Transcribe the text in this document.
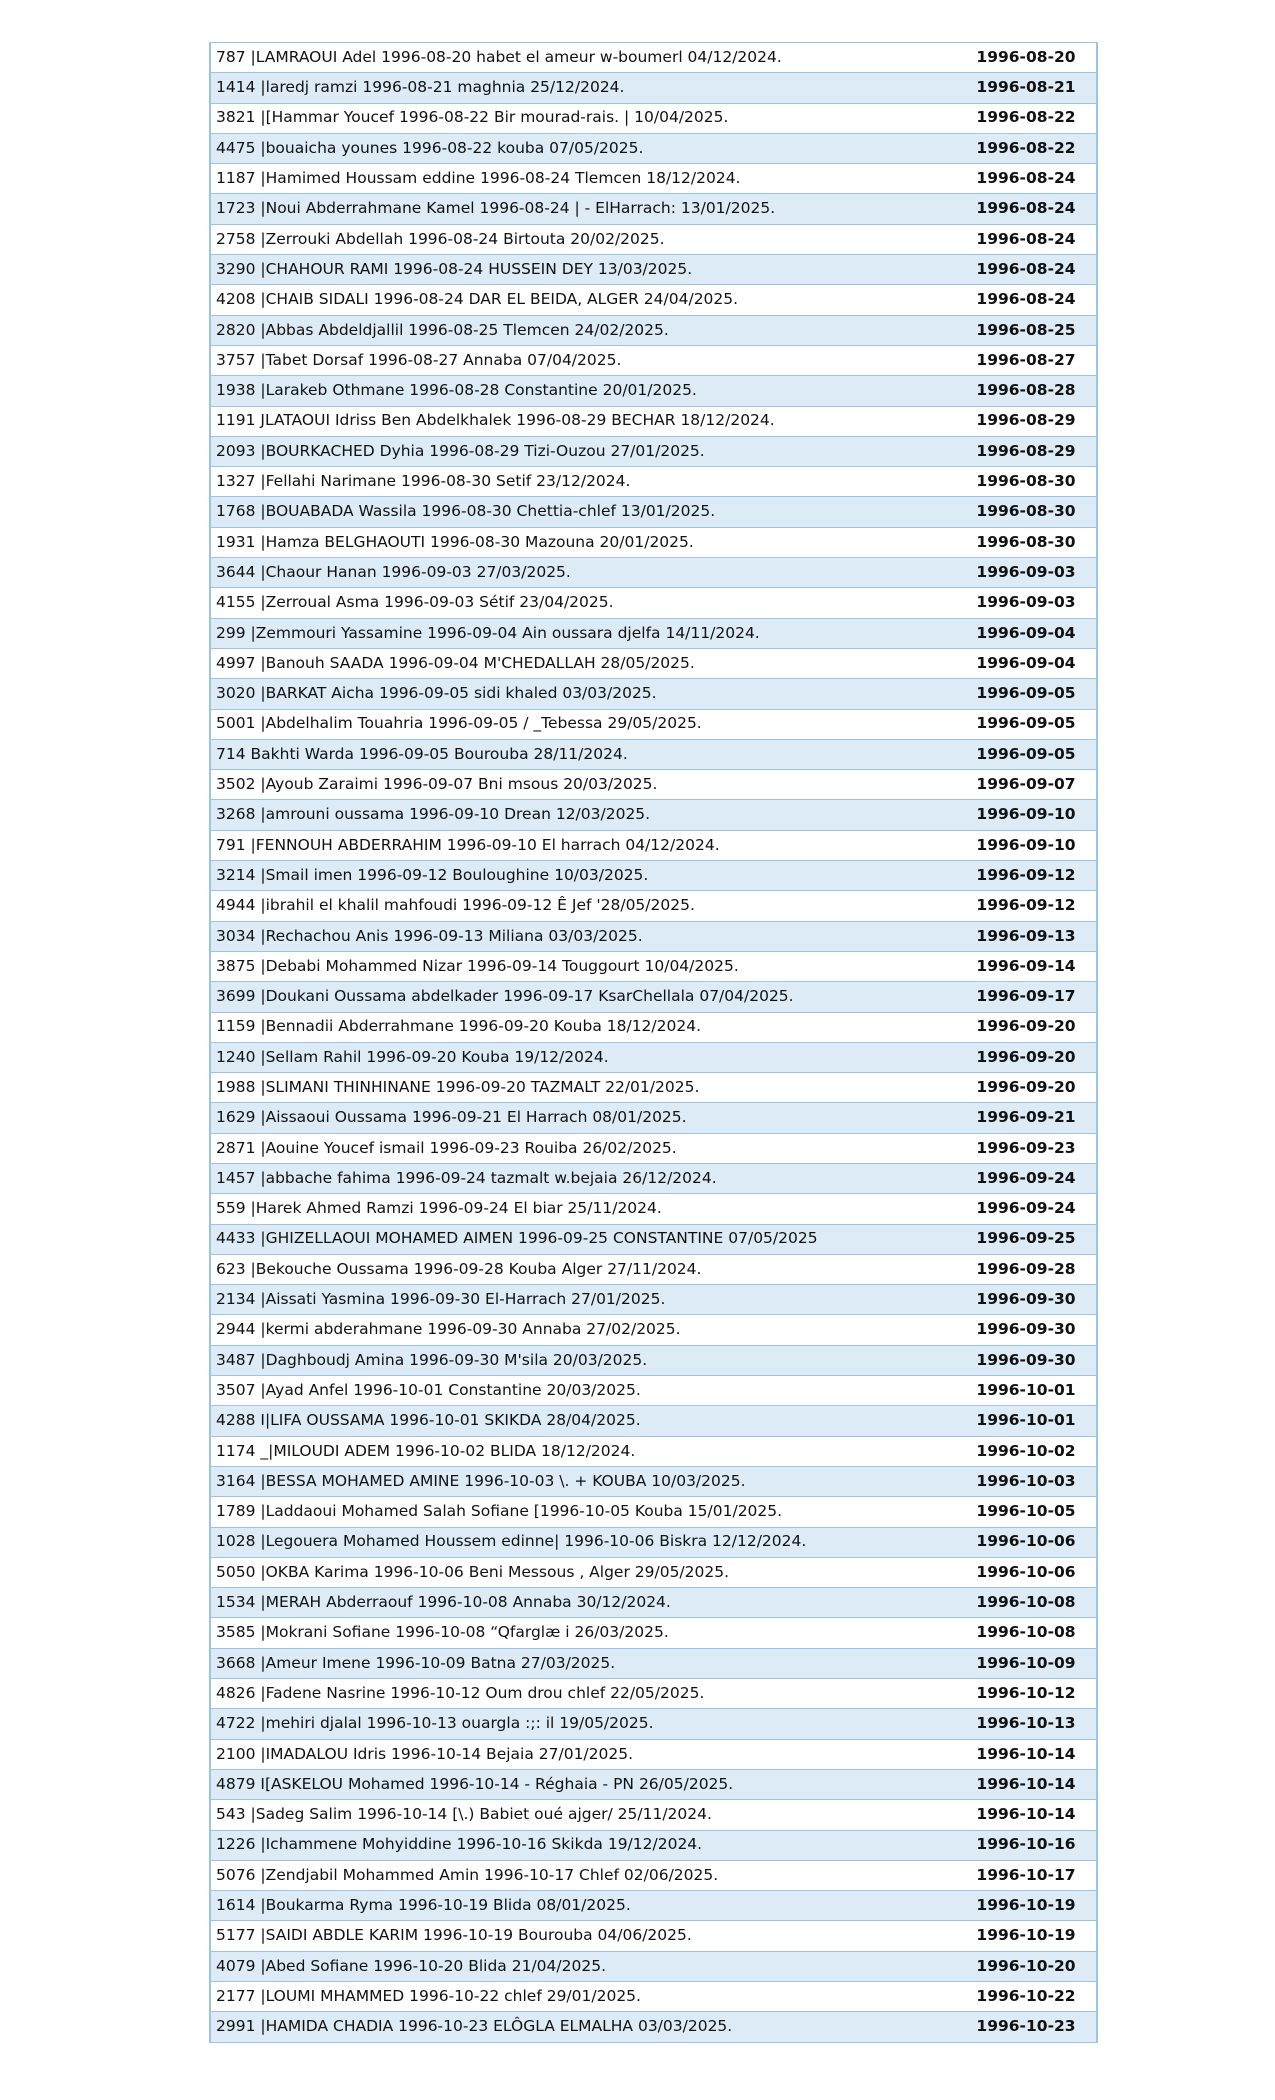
787 |LAMRAOUI Adel 1996-08-20 habet el ameur w-boumerl 04/12/2024.	1996-08-20
1414 |laredj ramzi 1996-08-21 maghnia 25/12/2024.	1996-08-21
3821 |[Hammar Youcef 1996-08-22 Bir mourad-rais. | 10/04/2025.	1996-08-22
4475 |bouaicha younes 1996-08-22 kouba 07/05/2025.	1996-08-22
1187 |Hamimed Houssam eddine 1996-08-24 Tlemcen 18/12/2024.	1996-08-24
1723 |Noui Abderrahmane Kamel 1996-08-24 | - ElHarrach: 13/01/2025.	1996-08-24
2758 |Zerrouki Abdellah 1996-08-24 Birtouta 20/02/2025.	1996-08-24
3290 |CHAHOUR RAMI 1996-08-24 HUSSEIN DEY 13/03/2025.	1996-08-24
4208 |CHAIB SIDALI 1996-08-24 DAR EL BEIDA, ALGER 24/04/2025.	1996-08-24
2820 |Abbas Abdeldjallil 1996-08-25 Tlemcen 24/02/2025.	1996-08-25
3757 |Tabet Dorsaf 1996-08-27 Annaba 07/04/2025.	1996-08-27
1938 |Larakeb Othmane 1996-08-28 Constantine 20/01/2025.	1996-08-28
1191 JLATAOUI Idriss Ben Abdelkhalek 1996-08-29 BECHAR 18/12/2024.	1996-08-29
2093 |BOURKACHED Dyhia 1996-08-29 Tizi-Ouzou 27/01/2025.	1996-08-29
1327 |Fellahi Narimane 1996-08-30 Setif 23/12/2024.	1996-08-30
1768 |BOUABADA Wassila 1996-08-30 Chettia-chlef 13/01/2025.	1996-08-30
1931 |Hamza BELGHAOUTI 1996-08-30 Mazouna 20/01/2025.	1996-08-30
3644 |Chaour Hanan 1996-09-03 27/03/2025.	1996-09-03
4155 |Zerroual Asma 1996-09-03 Sétif 23/04/2025.	1996-09-03
299 |Zemmouri Yassamine 1996-09-04 Ain oussara djelfa 14/11/2024.	1996-09-04
4997 |Banouh SAADA 1996-09-04 M'CHEDALLAH 28/05/2025.	1996-09-04
3020 |BARKAT Aicha 1996-09-05 sidi khaled 03/03/2025.	1996-09-05
5001 |Abdelhalim Touahria 1996-09-05 / _Tebessa 29/05/2025.	1996-09-05
714 Bakhti Warda 1996-09-05 Bourouba 28/11/2024.	1996-09-05
3502 |Ayoub Zaraimi 1996-09-07 Bni msous 20/03/2025.	1996-09-07
3268 |amrouni oussama 1996-09-10 Drean 12/03/2025.	1996-09-10
791 |FENNOUH ABDERRAHIM 1996-09-10 El harrach 04/12/2024.	1996-09-10
3214 |Smail imen 1996-09-12 Bouloughine 10/03/2025.	1996-09-12
4944 |ibrahil el khalil mahfoudi 1996-09-12 Ê Jef '28/05/2025.	1996-09-12
3034 |Rechachou Anis 1996-09-13 Miliana 03/03/2025.	1996-09-13
3875 |Debabi Mohammed Nizar 1996-09-14 Touggourt 10/04/2025.	1996-09-14
3699 |Doukani Oussama abdelkader 1996-09-17 KsarChellala 07/04/2025.	1996-09-17
1159 |Bennadii Abderrahmane 1996-09-20 Kouba 18/12/2024.	1996-09-20
1240 |Sellam Rahil 1996-09-20 Kouba 19/12/2024.	1996-09-20
1988 |SLIMANI THINHINANE 1996-09-20 TAZMALT 22/01/2025.	1996-09-20
1629 |Aissaoui Oussama 1996-09-21 El Harrach 08/01/2025.	1996-09-21
2871 |Aouine Youcef ismail 1996-09-23 Rouiba 26/02/2025.	1996-09-23
1457 |abbache fahima 1996-09-24 tazmalt w.bejaia 26/12/2024.	1996-09-24
559 |Harek Ahmed Ramzi 1996-09-24 El biar 25/11/2024.	1996-09-24
4433 |GHIZELLAOUI MOHAMED AIMEN 1996-09-25 CONSTANTINE 07/05/2025	1996-09-25
623 |Bekouche Oussama 1996-09-28 Kouba Alger 27/11/2024.	1996-09-28
2134 |Aissati Yasmina 1996-09-30 El-Harrach 27/01/2025.	1996-09-30
2944 |kermi abderahmane 1996-09-30 Annaba 27/02/2025.	1996-09-30
3487 |Daghboudj Amina 1996-09-30 M'sila 20/03/2025.	1996-09-30
3507 |Ayad Anfel 1996-10-01 Constantine 20/03/2025.	1996-10-01
4288 I|LIFA OUSSAMA 1996-10-01 SKIKDA 28/04/2025.	1996-10-01
1174 _|MILOUDI ADEM 1996-10-02 BLIDA 18/12/2024.	1996-10-02
3164 |BESSA MOHAMED AMINE 1996-10-03 \. + KOUBA 10/03/2025.	1996-10-03
1789 |Laddaoui Mohamed Salah Sofiane [1996-10-05 Kouba 15/01/2025.	1996-10-05
1028 |Legouera Mohamed Houssem edinne| 1996-10-06 Biskra 12/12/2024.	1996-10-06
5050 |OKBA Karima 1996-10-06 Beni Messous , Alger 29/05/2025.	1996-10-06
1534 |MERAH Abderraouf 1996-10-08 Annaba 30/12/2024.	1996-10-08
3585 |Mokrani Sofiane 1996-10-08 “Qfarglæ i 26/03/2025.	1996-10-08
3668 |Ameur Imene 1996-10-09 Batna 27/03/2025.	1996-10-09
4826 |Fadene Nasrine 1996-10-12 Oum drou chlef 22/05/2025.	1996-10-12
4722 |mehiri djalal 1996-10-13 ouargla :;: il 19/05/2025.	1996-10-13
2100 |IMADALOU Idris 1996-10-14 Bejaia 27/01/2025.	1996-10-14
4879 I[ASKELOU Mohamed 1996-10-14 - Réghaia - PN 26/05/2025.	1996-10-14
543 |Sadeg Salim 1996-10-14 [\.) Babiet oué ajger/ 25/11/2024.	1996-10-14
1226 |Ichammene Mohyiddine 1996-10-16 Skikda 19/12/2024.	1996-10-16
5076 |Zendjabil Mohammed Amin 1996-10-17 Chlef 02/06/2025.	1996-10-17
1614 |Boukarma Ryma 1996-10-19 Blida 08/01/2025.	1996-10-19
5177 |SAIDI ABDLE KARIM 1996-10-19 Bourouba 04/06/2025.	1996-10-19
4079 |Abed Sofiane 1996-10-20 Blida 21/04/2025.	1996-10-20
2177 |LOUMI MHAMMED 1996-10-22 chlef 29/01/2025.	1996-10-22
2991 |HAMIDA CHADIA 1996-10-23 ELÔGLA ELMALHA 03/03/2025.	1996-10-23
